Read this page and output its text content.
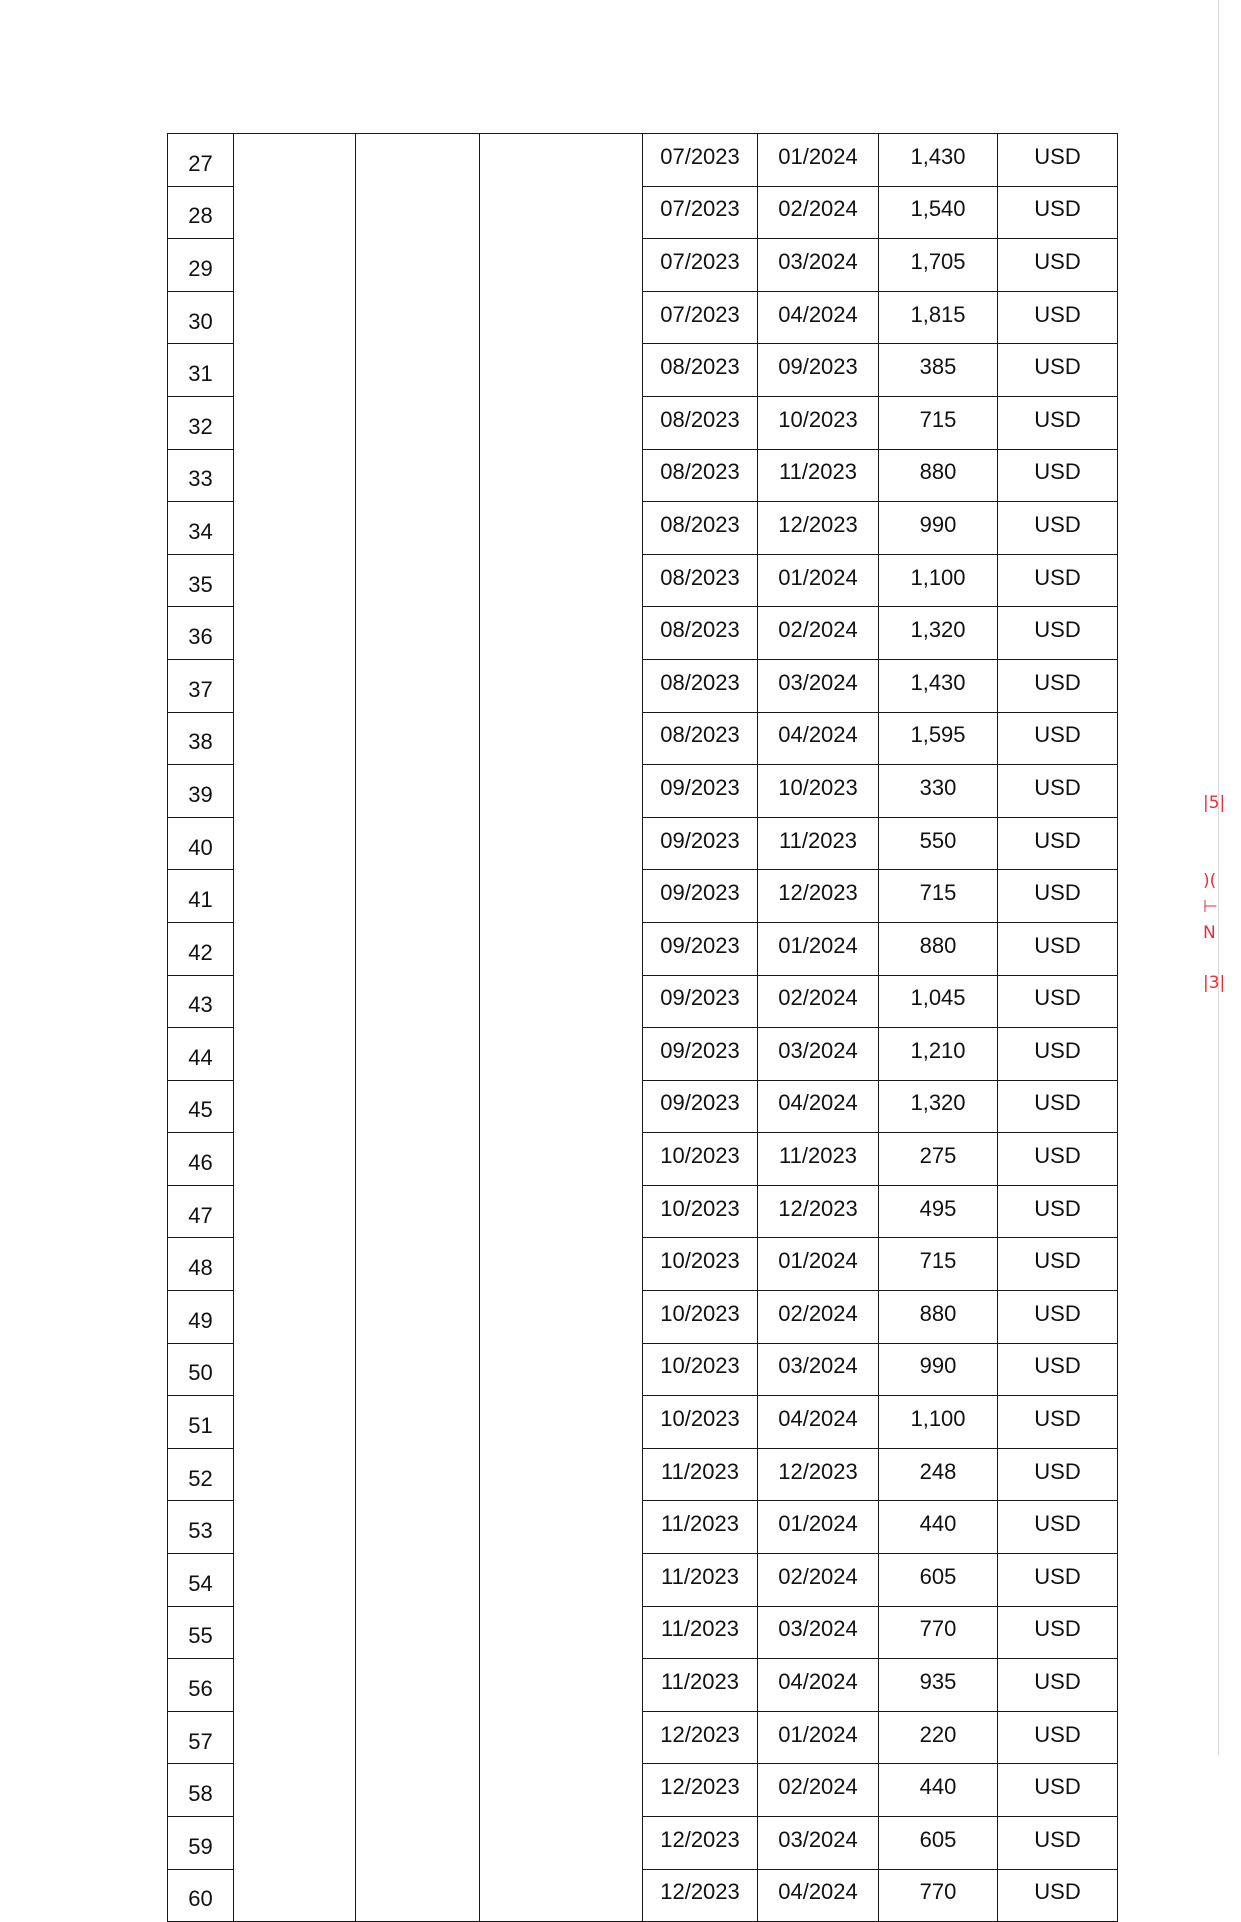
27				07/2023	01/2024	1,430	USD
28				07/2023	02/2024	1,540	USD
29				07/2023	03/2024	1,705	USD
30				07/2023	04/2024	1,815	USD
31				08/2023	09/2023	385	USD
32				08/2023	10/2023	715	USD
33				08/2023	11/2023	880	USD
34				08/2023	12/2023	990	USD
35				08/2023	01/2024	1,100	USD
36				08/2023	02/2024	1,320	USD
37				08/2023	03/2024	1,430	USD
38				08/2023	04/2024	1,595	USD
39				09/2023	10/2023	330	USD
40				09/2023	11/2023	550	USD
41				09/2023	12/2023	715	USD
42				09/2023	01/2024	880	USD
43				09/2023	02/2024	1,045	USD
44				09/2023	03/2024	1,210	USD
45				09/2023	04/2024	1,320	USD
46				10/2023	11/2023	275	USD
47				10/2023	12/2023	495	USD
48				10/2023	01/2024	715	USD
49				10/2023	02/2024	880	USD
50				10/2023	03/2024	990	USD
51				10/2023	04/2024	1,100	USD
52				11/2023	12/2023	248	USD
53				11/2023	01/2024	440	USD
54				11/2023	02/2024	605	USD
55				11/2023	03/2024	770	USD
56				11/2023	04/2024	935	USD
57				12/2023	01/2024	220	USD
58				12/2023	02/2024	440	USD
59				12/2023	03/2024	605	USD
60				12/2023	04/2024	770	USD
|5|
)(
⊢
N
|3|
